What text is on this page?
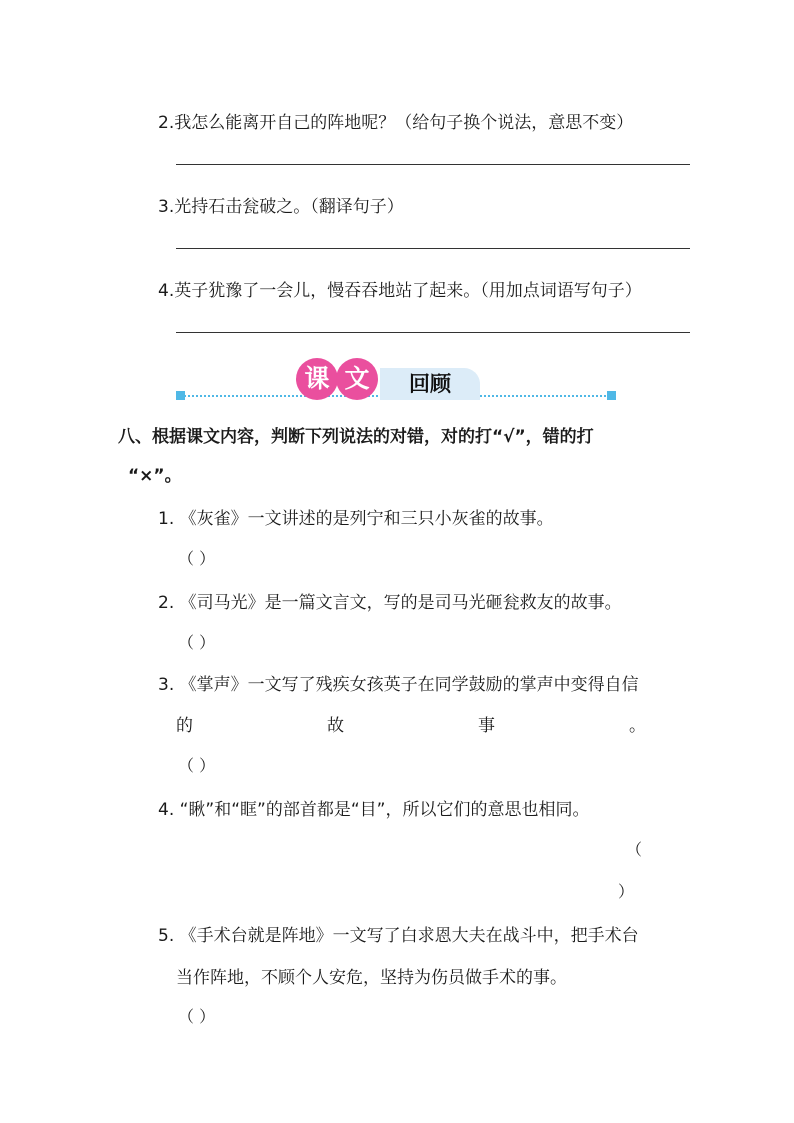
2.我怎么能离开自己的阵地呢？（给句子换个说法，意思不变）
3.光持石击瓮破之。（翻译句子）
4.英子犹豫了一会儿，慢吞吞地站了起来。（用加点词语写句子）
回顾
课 文
八、根据课文内容，判断下列说法的对错，对的打“√”，错的打
“×”。
1. 《灰雀》一文讲述的是列宁和三只小灰雀的故事。
（ ）
2. 《司马光》是一篇文言文，写的是司马光砸瓮救友的故事。
（ ）
3. 《掌声》一文写了残疾女孩英子在同学鼓励的掌声中变得自信
的	故	事	。
（ ）
4. “瞅”和“眶”的部首都是“目”，所以它们的意思也相同。
（
）
5. 《手术台就是阵地》一文写了白求恩大夫在战斗中，把手术台
当作阵地，不顾个人安危，坚持为伤员做手术的事。
（ ）
